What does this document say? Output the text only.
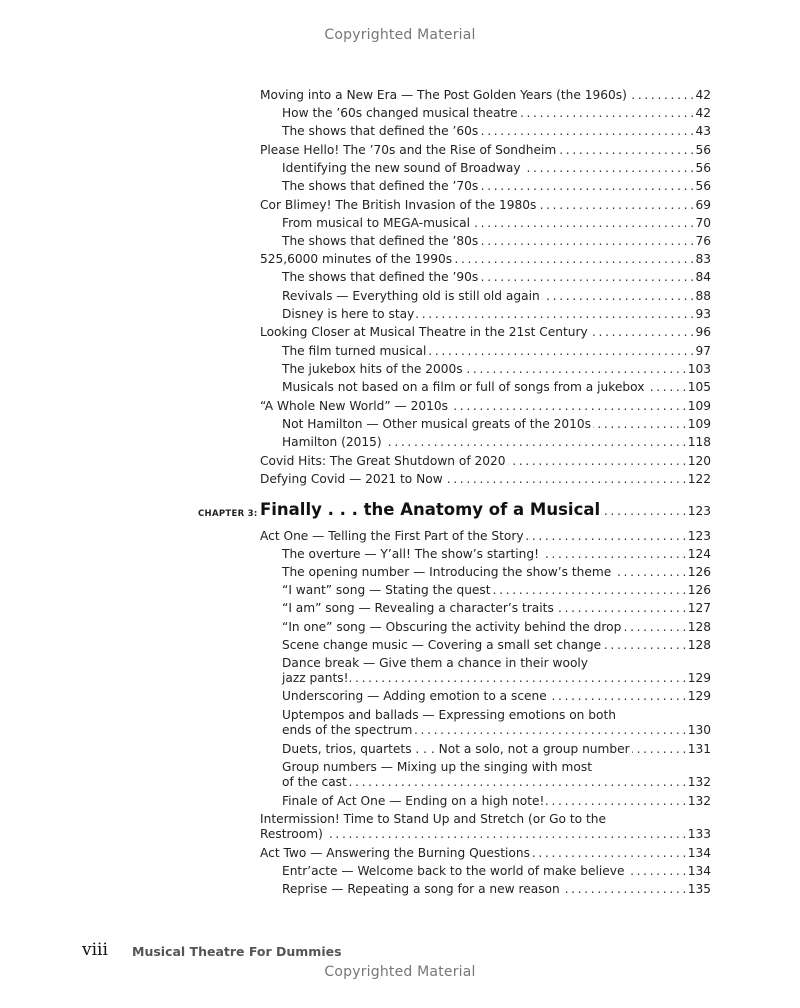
Copyrighted Material
Moving into a New Era — The Post Golden Years (the 1960s) . . .	42
How the ’60s changed musical theatre . . .	42
The shows that defined the ’60s . . .	43
Please Hello! The ’70s and the Rise of Sondheim . . .	56
Identifying the new sound of Broadway . . .	56
The shows that defined the ’70s . . .	56
Cor Blimey! The British Invasion of the 1980s . . .	69
From musical to MEGA-musical . . .	70
The shows that defined the ’80s . . .	76
525,6000 minutes of the 1990s . . .	83
The shows that defined the ’90s . . .	84
Revivals — Everything old is still old again . . .	88
Disney is here to stay . . .	93
Looking Closer at Musical Theatre in the 21st Century . . .	96
The film turned musical . . .	97
The jukebox hits of the 2000s . . .	103
Musicals not based on a film or full of songs from a jukebox . . .	105
“A Whole New World” — 2010s . . .	109
Not Hamilton — Other musical greats of the 2010s . . .	109
Hamilton (2015) . . .	118
Covid Hits: The Great Shutdown of 2020 . . .	120
Defying Covid — 2021 to Now . . .	122
CHAPTER 3: Finally . . . the Anatomy of a Musical . . .	123
Act One — Telling the First Part of the Story . . .	123
The overture — Y’all! The show’s starting! . . .	124
The opening number — Introducing the show’s theme . . .	126
“I want” song — Stating the quest . . .	126
“I am” song — Revealing a character’s traits . . .	127
“In one” song — Obscuring the activity behind the drop . . .	128
Scene change music — Covering a small set change . . .	128
Dance break — Give them a chance in their wooly
jazz pants! . . .	129
Underscoring — Adding emotion to a scene . . .	129
Uptempos and ballads — Expressing emotions on both
ends of the spectrum . . .	130
Duets, trios, quartets . . . Not a solo, not a group number . . .	131
Group numbers — Mixing up the singing with most
of the cast . . .	132
Finale of Act One — Ending on a high note! . . .	132
Intermission! Time to Stand Up and Stretch (or Go to the
Restroom) . . .	133
Act Two — Answering the Burning Questions . . .	134
Entr’acte — Welcome back to the world of make believe . . .	134
Reprise — Repeating a song for a new reason . . .	135
viii Musical Theatre For Dummies
Copyrighted Material
